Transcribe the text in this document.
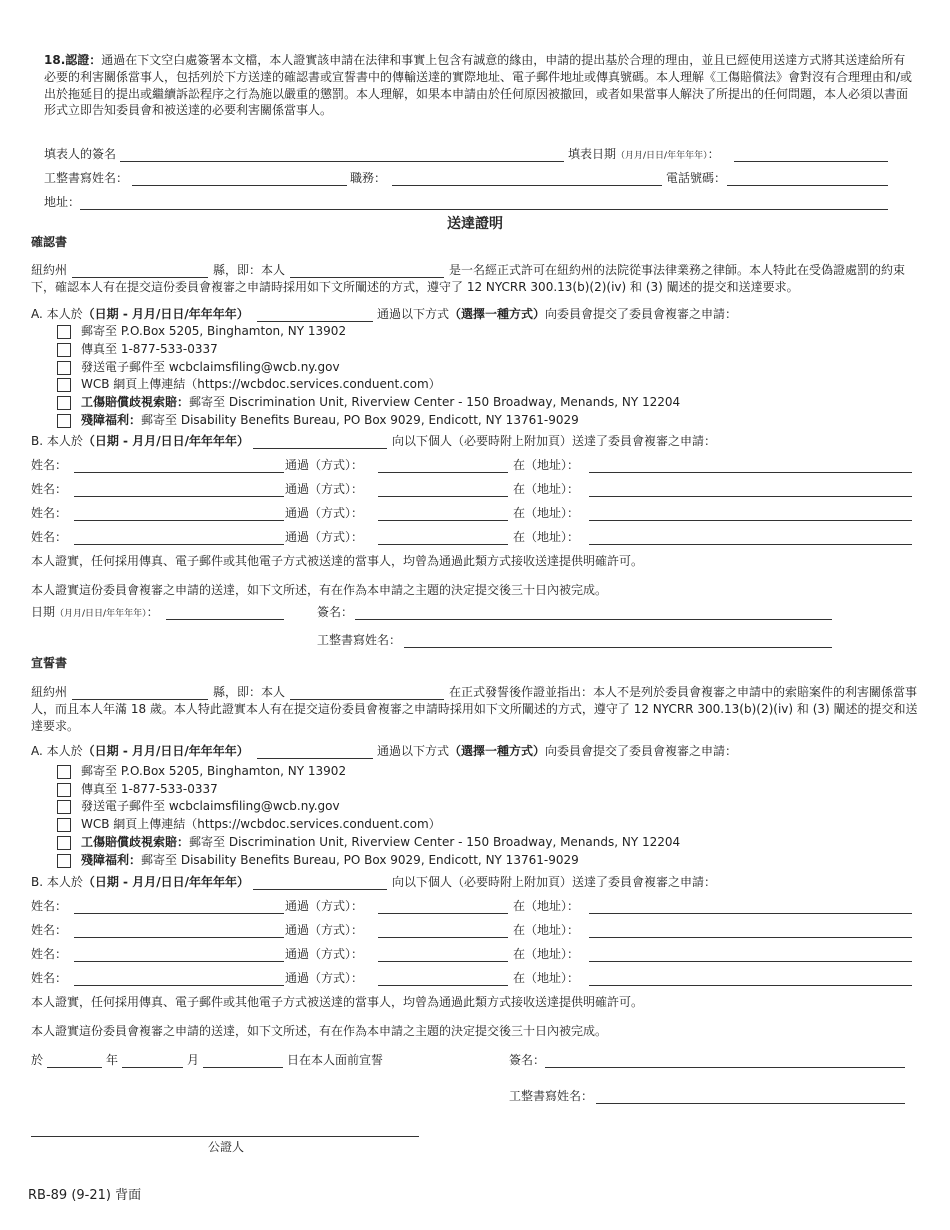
18.認證：通過在下文空白處簽署本文檔，本人證實該申請在法律和事實上包含有誠意的緣由，申請的提出基於合理的理由，並且已經使用送達方式將其送達給所有必要的利害關係當事人，包括列於下方送達的確認書或宣誓書中的傳輸送達的實際地址、電子郵件地址或傳真號碼。本人理解《工傷賠償法》會對沒有合理理由和/或出於拖延目的提出或繼續訴訟程序之行為施以嚴重的懲罰。本人理解，如果本申請由於任何原因被撤回，或者如果當事人解決了所提出的任何問題，本人必須以書面形式立即告知委員會和被送達的必要利害關係當事人。
填表人的簽名	填表日期（月月/日日/年年年年）：
工整書寫姓名：	職務：	電話號碼：
地址：
送達證明
確認書
紐約州	縣，即：本人	是一名經正式許可在紐約州的法院從事法律業務之律師。本人特此在受偽證處罰的約束下，確認本人有在提交這份委員會複審之申請時採用如下文所闡述的方式，遵守了 12 NYCRR 300.13(b)(2)(iv) 和 (3) 闡述的提交和送達要求。
A. 本人於（日期 - 月月/日日/年年年年）	通過以下方式（選擇一種方式）向委員會提交了委員會複審之申請：
郵寄至 P.O.Box 5205, Binghamton, NY 13902
傳真至 1-877-533-0337
發送電子郵件至 wcbclaimsfiling@wcb.ny.gov
WCB 網頁上傳連結（https://wcbdoc.services.conduent.com）
工傷賠償歧視索賠：郵寄至 Discrimination Unit, Riverview Center - 150 Broadway, Menands, NY 12204
殘障福利：郵寄至 Disability Benefits Bureau, PO Box 9029, Endicott, NY 13761-9029
B. 本人於（日期 - 月月/日日/年年年年）	向以下個人（必要時附上附加頁）送達了委員會複審之申請：
姓名：	通過（方式）：	在（地址）：
姓名：	通過（方式）：	在（地址）：
姓名：	通過（方式）：	在（地址）：
姓名：	通過（方式）：	在（地址）：
本人證實，任何採用傳真、電子郵件或其他電子方式被送達的當事人，均曾為通過此類方式接收送達提供明確許可。
本人證實這份委員會複審之申請的送達，如下文所述，有在作為本申請之主題的決定提交後三十日內被完成。
日期（月月/日日/年年年年）：	簽名：
工整書寫姓名：
宣誓書
紐約州	縣，即：本人	在正式發誓後作證並指出：本人不是列於委員會複審之申請中的索賠案件的利害關係當事人，而且本人年滿 18 歲。本人特此證實本人有在提交這份委員會複審之申請時採用如下文所闡述的方式，遵守了 12 NYCRR 300.13(b)(2)(iv) 和 (3) 闡述的提交和送達要求。
A. 本人於（日期 - 月月/日日/年年年年）	通過以下方式（選擇一種方式）向委員會提交了委員會複審之申請：
郵寄至 P.O.Box 5205, Binghamton, NY 13902
傳真至 1-877-533-0337
發送電子郵件至 wcbclaimsfiling@wcb.ny.gov
WCB 網頁上傳連結（https://wcbdoc.services.conduent.com）
工傷賠償歧視索賠：郵寄至 Discrimination Unit, Riverview Center - 150 Broadway, Menands, NY 12204
殘障福利：郵寄至 Disability Benefits Bureau, PO Box 9029, Endicott, NY 13761-9029
B. 本人於（日期 - 月月/日日/年年年年）	向以下個人（必要時附上附加頁）送達了委員會複審之申請：
姓名：	通過（方式）：	在（地址）：
姓名：	通過（方式）：	在（地址）：
姓名：	通過（方式）：	在（地址）：
姓名：	通過（方式）：	在（地址）：
本人證實，任何採用傳真、電子郵件或其他電子方式被送達的當事人，均曾為通過此類方式接收送達提供明確許可。
本人證實這份委員會複審之申請的送達，如下文所述，有在作為本申請之主題的決定提交後三十日內被完成。
於	年	月	日在本人面前宣誓	簽名：
工整書寫姓名：
公證人
RB-89 (9-21) 背面
